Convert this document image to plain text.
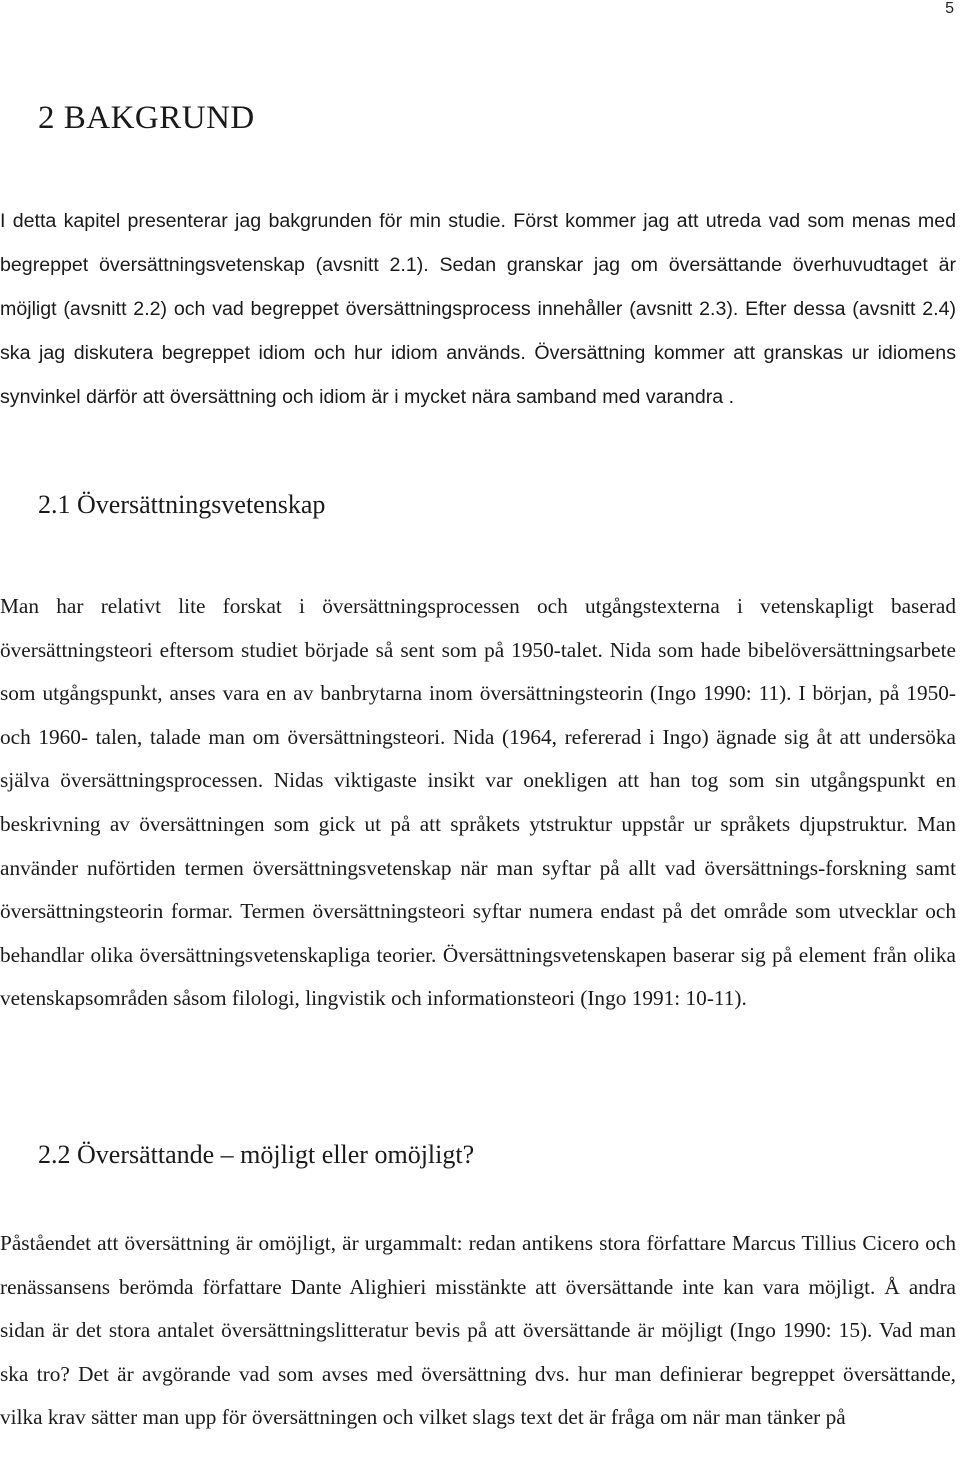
5
2 BAKGRUND

I detta kapitel presenterar jag bakgrunden för min studie. Först kommer jag att utreda vad som menas med begreppet översättningsvetenskap (avsnitt 2.1). Sedan granskar jag om översättande överhuvudtaget är möjligt (avsnitt 2.2) och vad begreppet översättningsprocess innehåller (avsnitt 2.3). Efter dessa (avsnitt 2.4) ska jag diskutera begreppet idiom och hur idiom används. Översättning kommer att granskas ur idiomens synvinkel därför att översättning och idiom är i mycket nära samband med varandra .

2.1 Översättningsvetenskap

Man har relativt lite forskat i översättningsprocessen och utgångstexterna i vetenskapligt baserad översättningsteori eftersom studiet började så sent som på 1950-talet. Nida som hade bibelöversättningsarbete som utgångspunkt, anses vara en av banbrytarna inom översättningsteorin (Ingo 1990: 11). I början, på 1950- och 1960- talen, talade man om översättningsteori. Nida (1964, refererad i Ingo) ägnade sig åt att undersöka själva översättningsprocessen. Nidas viktigaste insikt var onekligen att han tog som sin utgångspunkt en beskrivning av översättningen som gick ut på att språkets ytstruktur uppstår ur språkets djupstruktur. Man använder nuförtiden termen översättningsvetenskap när man syftar på allt vad översättnings-forskning samt översättningsteorin formar. Termen översättningsteori syftar numera endast på det område som utvecklar och behandlar olika översättningsvetenskapliga teorier. Översättningsvetenskapen baserar sig på element från olika vetenskapsområden såsom filologi, lingvistik och informationsteori (Ingo 1991: 10-11).

2.2 Översättande – möjligt eller omöjligt?

Påståendet att översättning är omöjligt, är urgammalt: redan antikens stora författare Marcus Tillius Cicero och renässansens berömda författare Dante Alighieri misstänkte att översättande inte kan vara möjligt. Å andra sidan är det stora antalet översättningslitteratur bevis på att översättande är möjligt (Ingo 1990: 15). Vad man ska tro? Det är avgörande vad som avses med översättning dvs. hur man definierar begreppet översättande, vilka krav sätter man upp för översättningen och vilket slags text det är fråga om när man tänker på
